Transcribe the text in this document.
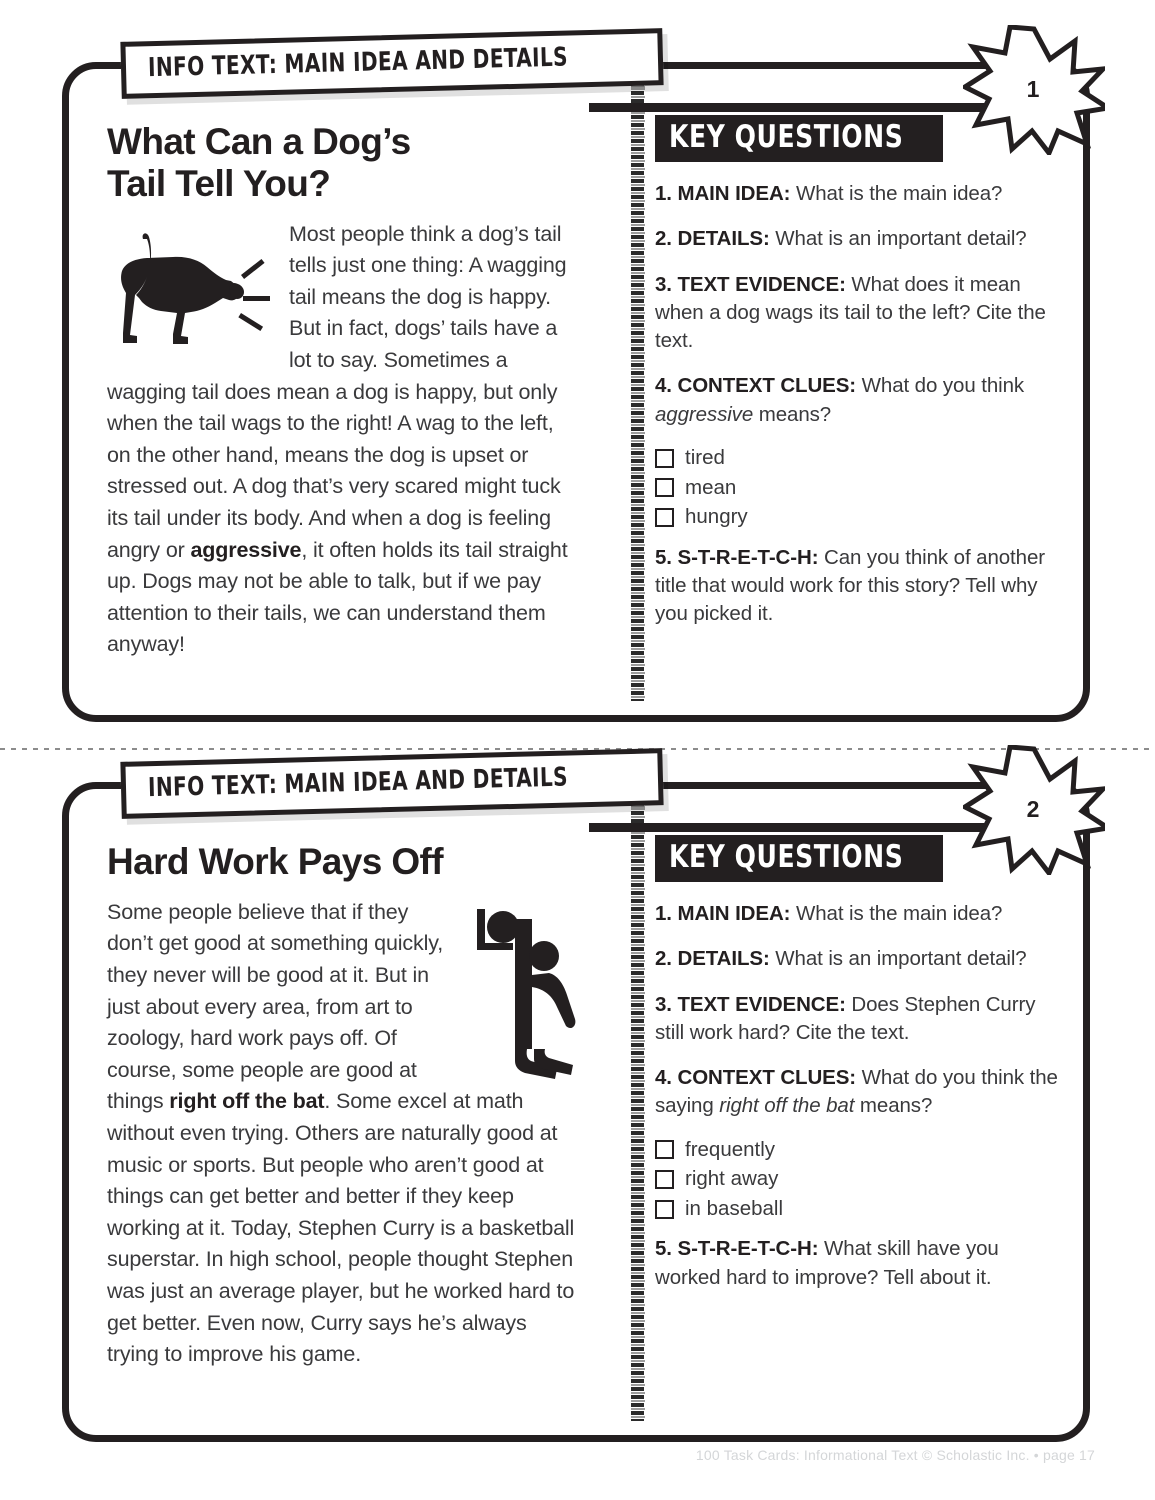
INFO TEXT: MAIN IDEA AND DETAILS
1
What Can a Dog’s
Tail Tell You?

Most people think a dog’s tail tells just one thing: A wagging tail means the dog is happy. But in fact, dogs’ tails have a lot to say. Sometimes a wagging tail does mean a dog is happy, but only when the tail wags to the right! A wag to the left, on the other hand, means the dog is upset or stressed out. A dog that’s very scared might tuck its tail under its body. And when a dog is feeling angry or aggressive, it often holds its tail straight up. Dogs may not be able to talk, but if we pay attention to their tails, we can understand them anyway!

KEY QUESTIONS

1. MAIN IDEA: What is the main idea?

2. DETAILS: What is an important detail?

3. TEXT EVIDENCE: What does it mean when a dog wags its tail to the left? Cite the text.

4. CONTEXT CLUES: What do you think aggressive means?

tired
mean
hungry

5. S-T-R-E-T-C-H: Can you think of another title that would work for this story? Tell why you picked it.

INFO TEXT: MAIN IDEA AND DETAILS
2
Hard Work Pays Off

Some people believe that if they don’t get good at something quickly, they never will be good at it. But in just about every area, from art to zoology, hard work pays off. Of course, some people are good at things right off the bat. Some excel at math without even trying. Others are naturally good at music or sports. But people who aren’t good at things can get better and better if they keep working at it. Today, Stephen Curry is a basketball superstar. In high school, people thought Stephen was just an average player, but he worked hard to get better. Even now, Curry says he’s always trying to improve his game.

KEY QUESTIONS

1. MAIN IDEA: What is the main idea?

2. DETAILS: What is an important detail?

3. TEXT EVIDENCE: Does Stephen Curry still work hard? Cite the text.

4. CONTEXT CLUES: What do you think the saying right off the bat means?

frequently
right away
in baseball

5. S-T-R-E-T-C-H: What skill have you worked hard to improve? Tell about it.

100 Task Cards: Informational Text © Scholastic Inc. • page 17
